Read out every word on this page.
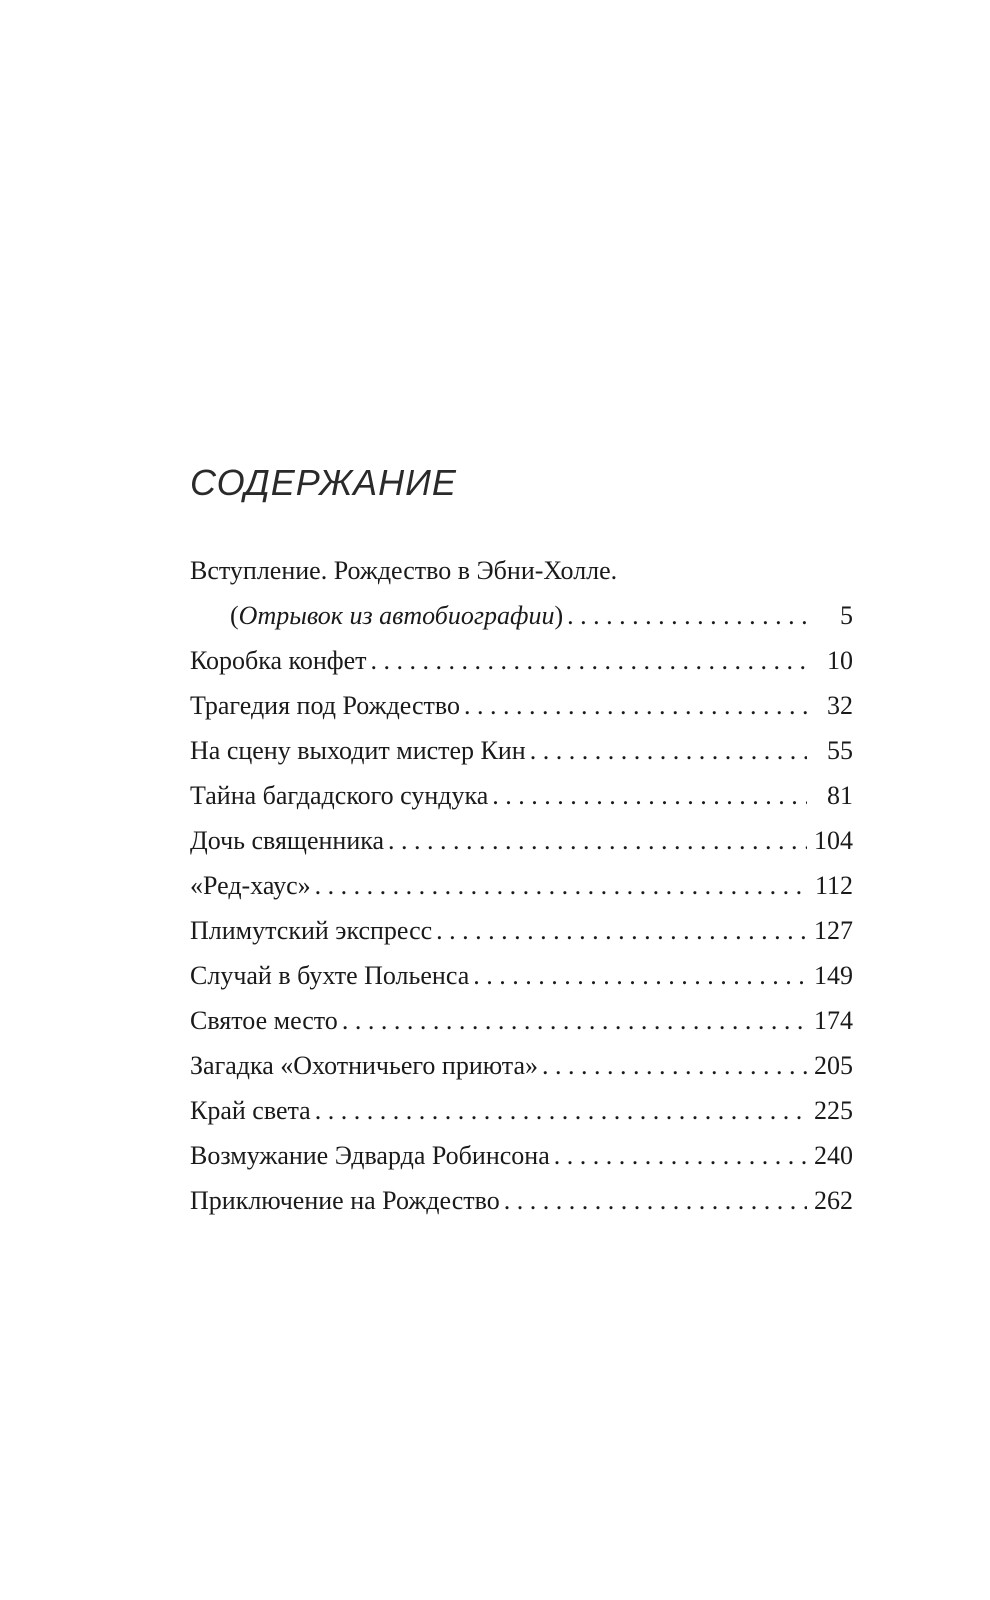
СОДЕРЖАНИЕ
Вступление. Рождество в Эбни-Холле.
(Отрывок из автобиографии) . . .	5
Коробка конфет . . .	10
Трагедия под Рождество . . .	32
На сцену выходит мистер Кин . . .	55
Тайна багдадского сундука . . .	81
Дочь священника . . .	104
«Ред-хаус» . . .	112
Плимутский экспресс . . .	127
Случай в бухте Польенса . . .	149
Святое место . . .	174
Загадка «Охотничьего приюта» . . .	205
Край света . . .	225
Возмужание Эдварда Робинсона . . .	240
Приключение на Рождество . . .	262
